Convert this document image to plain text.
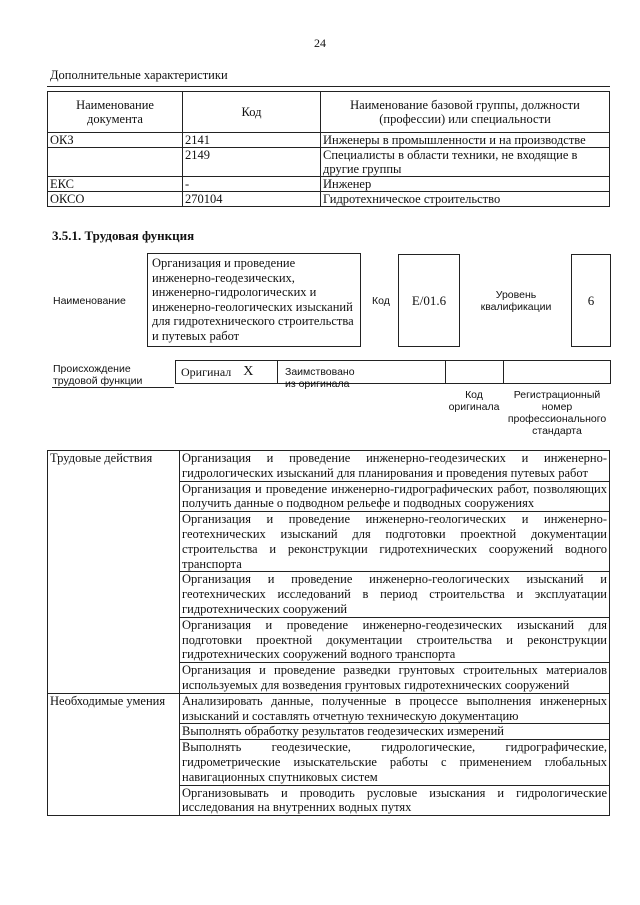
24
Дополнительные характеристики
Наименование документа	Код	Наименование базовой группы, должности (профессии) или специальности
ОКЗ	2141	Инженеры в промышленности и на производстве
	2149	Специалисты в области техники, не входящие в другие группы
ЕКС	-	Инженер
ОКСО	270104	Гидротехническое строительство
3.5.1. Трудовая функция
Наименование
Организация и проведение инженерно-геодезических, инженерно-гидрологических и инженерно-геологических изысканий для гидротехнического строительства и путевых работ
Код	E/01.6	Уровень квалификации	6
Происхождение трудовой функции
Оригинал X	Заимствовано из оригинала
Код оригинала
Регистрационный номер профессионального стандарта
Трудовые действия	Организация и проведение инженерно-геодезических и инженерно-гидрологических изысканий для планирования и проведения путевых работ
	Организация и проведение инженерно-гидрографических работ, позволяющих получить данные о подводном рельефе и подводных сооружениях
	Организация и проведение инженерно-геологических и инженерно-геотехнических изысканий для подготовки проектной документации строительства и реконструкции гидротехнических сооружений водного транспорта
	Организация и проведение инженерно-геологических изысканий и геотехнических исследований в период строительства и эксплуатации гидротехнических сооружений
	Организация и проведение инженерно-геодезических изысканий для подготовки проектной документации строительства и реконструкции гидротехнических сооружений водного транспорта
	Организация и проведение разведки грунтовых строительных материалов используемых для возведения грунтовых гидротехнических сооружений
Необходимые умения	Анализировать данные, полученные в процессе выполнения инженерных изысканий и составлять отчетную техническую документацию
	Выполнять обработку результатов геодезических измерений
	Выполнять геодезические, гидрологические, гидрографические, гидрометрические изыскательские работы с применением глобальных навигационных спутниковых систем
	Организовывать и проводить русловые изыскания и гидрологические исследования на внутренних водных путях
